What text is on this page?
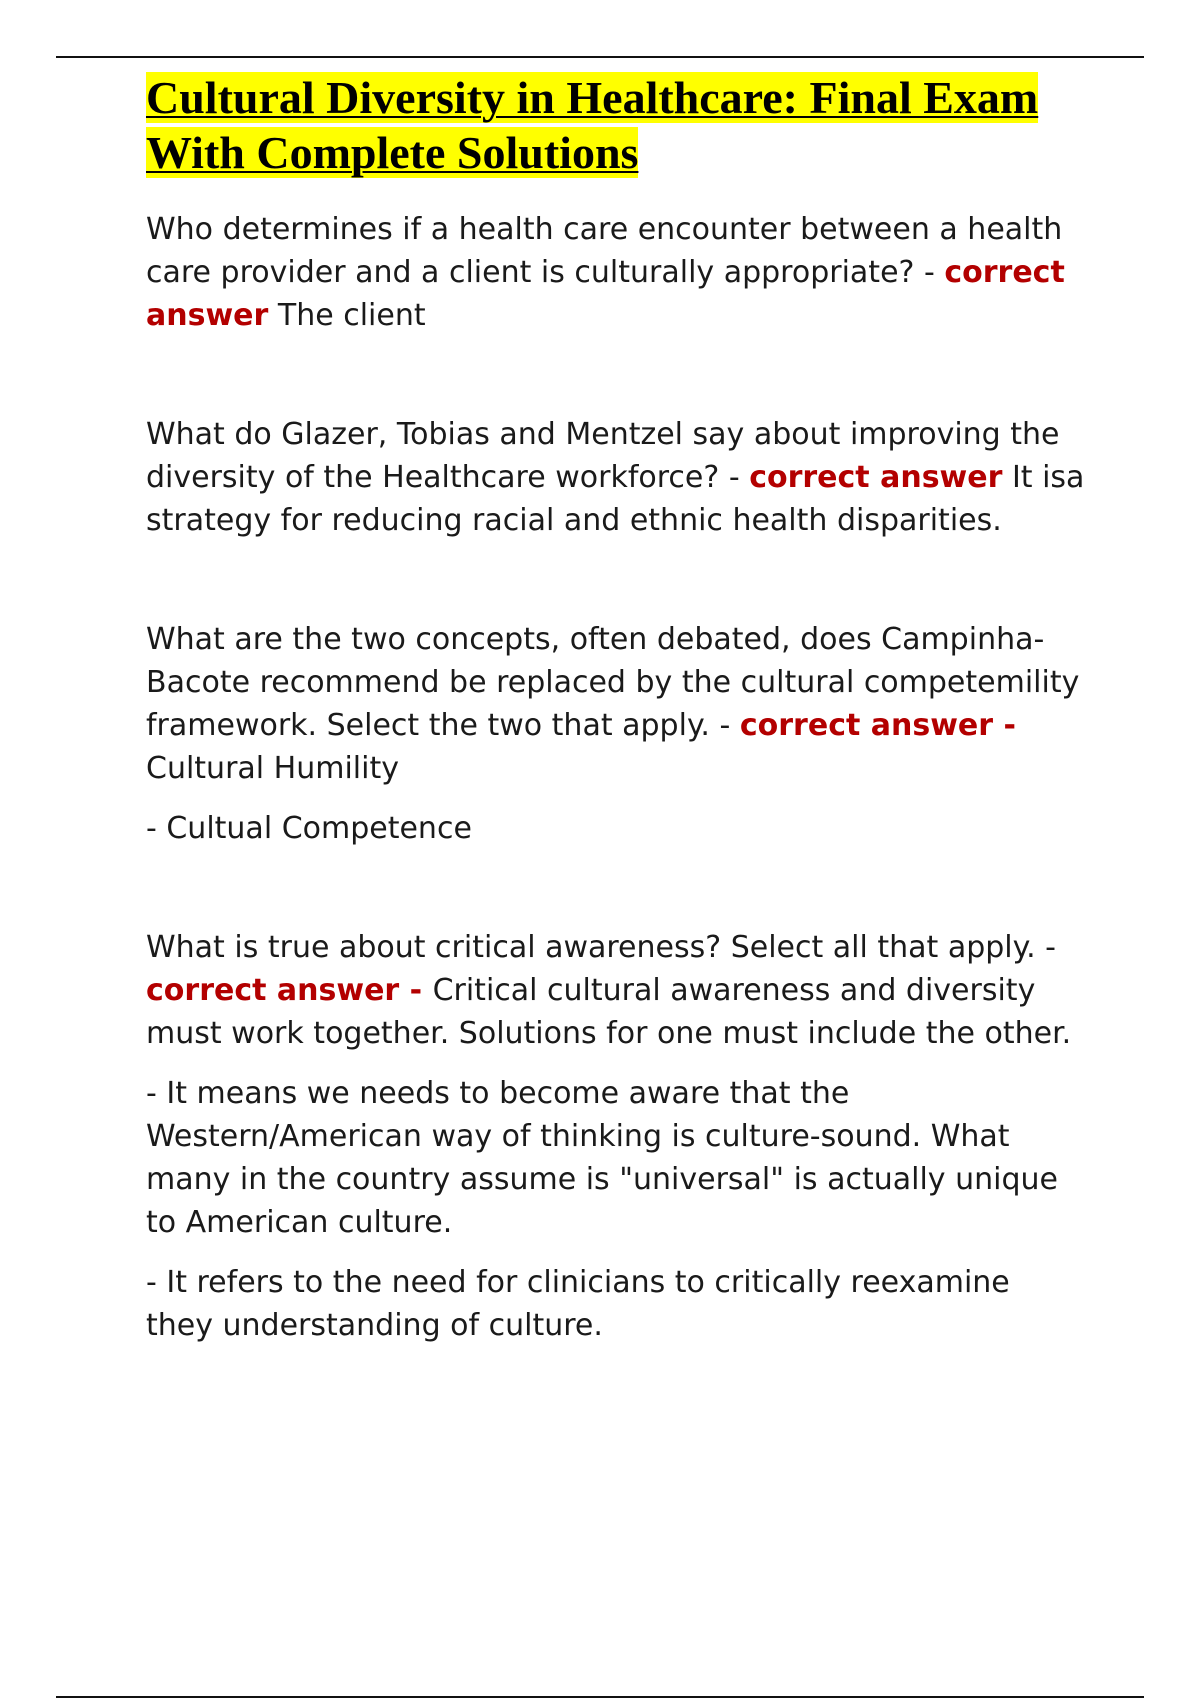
Cultural Diversity in Healthcare: Final Exam With Complete Solutions

Who determines if a health care encounter between a health care provider and a client is culturally appropriate? - correct answer The client

What do Glazer, Tobias and Mentzel say about improving the diversity of the Healthcare workforce? - correct answer It isa strategy for reducing racial and ethnic health disparities.

What are the two concepts, often debated, does Campinha-Bacote recommend be replaced by the cultural competemility framework. Select the two that apply. - correct answer - Cultural Humility

- Cultual Competence

What is true about critical awareness? Select all that apply. - correct answer - Critical cultural awareness and diversity must work together. Solutions for one must include the other.

- It means we needs to become aware that the Western/American way of thinking is culture-sound. What many in the country assume is "universal" is actually unique to American culture.

- It refers to the need for clinicians to critically reexamine they understanding of culture.
